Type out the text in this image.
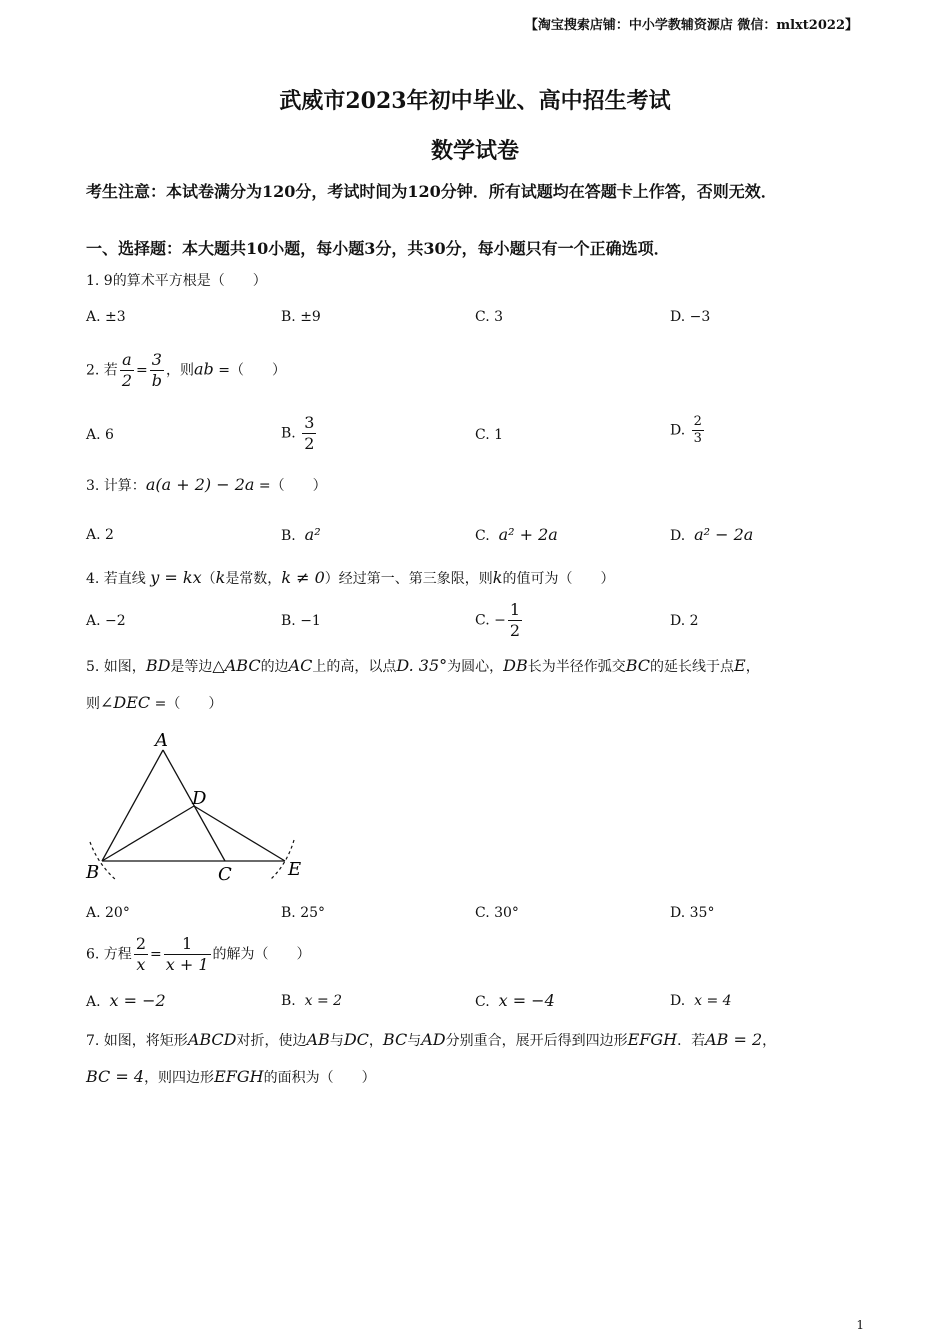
【淘宝搜索店铺：中小学教辅资源店 微信：mlxt2022】
武威市2023年初中毕业、高中招生考试
数学试卷
考生注意：本试卷满分为120分，考试时间为120分钟．所有试题均在答题卡上作答，否则无效．
一、选择题：本大题共10小题，每小题3分，共30分，每小题只有一个正确选项．
1. 9的算术平方根是（　　）
A. ±3	B. ±9	C. 3	D. −3
2. 若 $\frac{a}{2} = \frac{3}{b}$ ，则ab =（　　）
A. 6	B. $\frac{3}{2}$	C. 1	D. $\frac{2}{3}$
3. 计算：a(a + 2) − 2a =（　　）
A. 2	B. a²	C. a² + 2a	D. a² − 2a
4. 若直线 y = kx（k是常数，k ≠ 0）经过第一、第三象限，则k的值可为（　　）
A. −2	B. −1	C. − $\frac{1}{2}$	D. 2
5. 如图，BD是等边△ABC的边AC上的高，以点D. 35°为圆心，DB长为半径作弧交BC的延长线于点E，
则∠DEC =（　　）
A
D
B	C	E
A. 20°	B. 25°	C. 30°	D. 35°
6. 方程 $\frac{2}{x} = \frac{1}{x + 1}$ 的解为（　　）
A. x = −2	B. x = 2	C. x = −4	D. x = 4
7. 如图，将矩形ABCD对折，使边AB与DC，BC与AD分别重合，展开后得到四边形EFGH．若AB = 2，
BC = 4，则四边形EFGH的面积为（　　）
1
